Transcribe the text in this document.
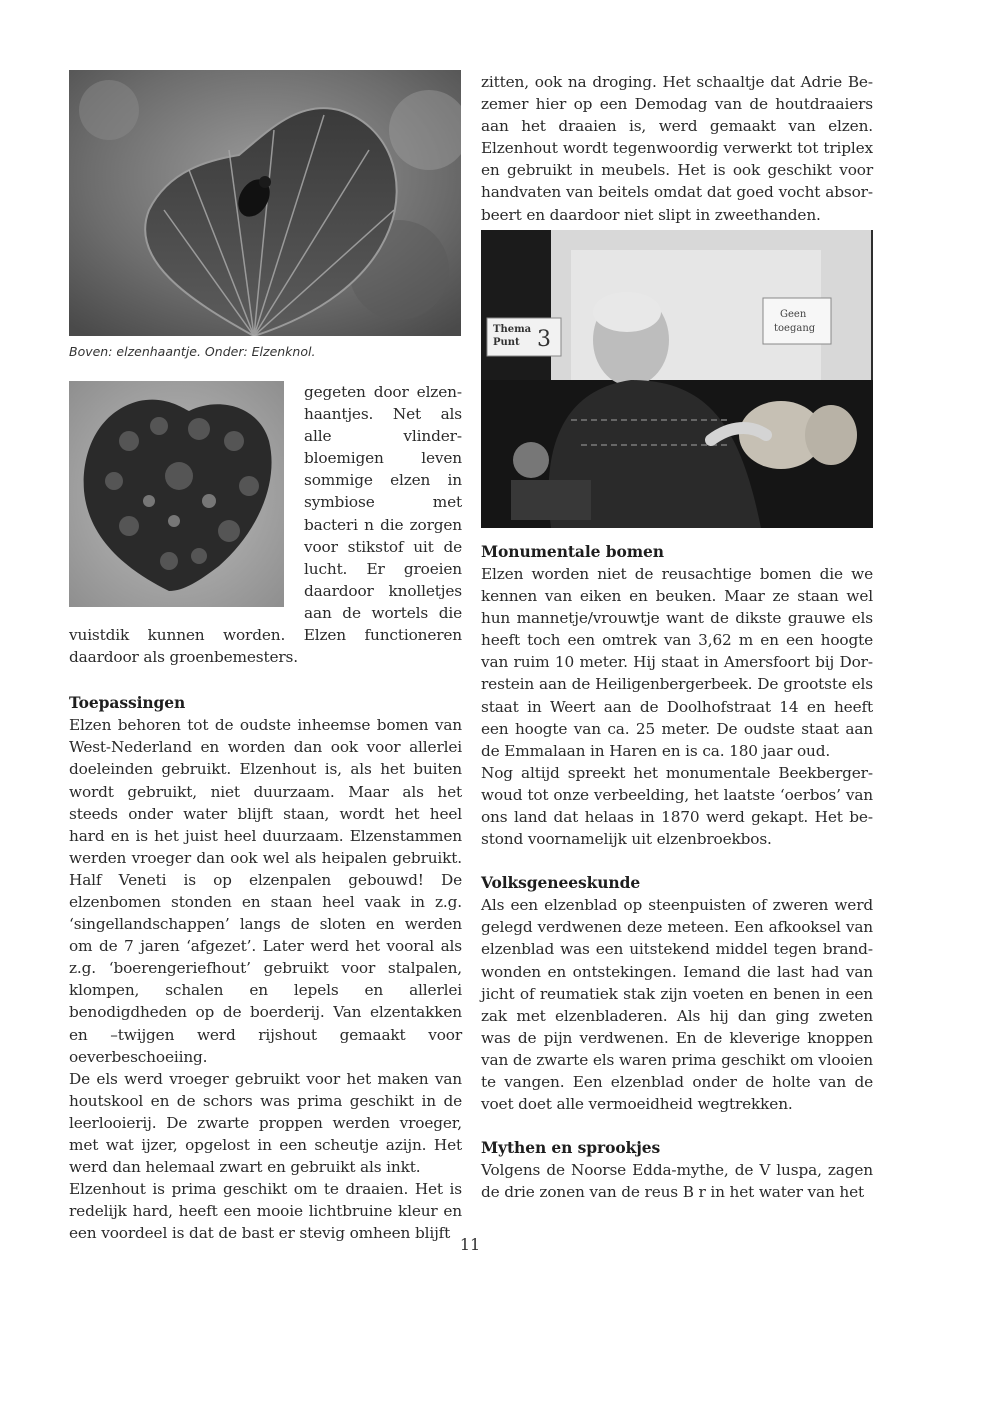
Boven: elzenhaantje. Onder: Elzenknol.
Thema
Punt 3
Geen
toegang

gegeten door elzenhaantjes. Net als alle vlinderbloemigen leven sommige elzen in symbiose met bacteri n die zorgen voor stikstof uit de lucht. Er groeien daardoor knolletjes aan de wortels die vuistdik kunnen worden. Elzen functioneren daardoor als groenbemesters.

Toepassingen

Elzen behoren tot de oudste inheemse bomen van West-Nederland en worden dan ook voor allerlei doeleinden gebruikt. Elzenhout is, als het buiten wordt gebruikt, niet duurzaam. Maar als het steeds onder water blijft staan, wordt het heel hard en is het juist heel duurzaam. Elzenstammen werden vroeger dan ook wel als heipalen gebruikt. Half Veneti is op elzenpalen gebouwd! De elzenbomen stonden en staan heel vaak in z.g. ‘singellandschappen’ langs de sloten en werden om de 7 jaren ‘afgezet’. Later werd het vooral als z.g. ‘boerengeriefhout’ gebruikt voor stalpalen, klompen, schalen en lepels en allerlei benodigdheden op de boerderij. Van elzentakken en –twijgen werd rijshout gemaakt voor oeverbeschoeiing.

De els werd vroeger gebruikt voor het maken van houtskool en de schors was prima geschikt in de leerlooierij. De zwarte proppen werden vroeger, met wat ijzer, opgelost in een scheutje azijn. Het werd dan helemaal zwart en gebruikt als inkt.

Elzenhout is prima geschikt om te draaien. Het is redelijk hard, heeft een mooie lichtbruine kleur en een voordeel is dat de bast er stevig omheen blijft

zitten, ook na droging. Het schaaltje dat Adrie Bezemer hier op een Demodag van de houtdraaiers aan het draaien is, werd gemaakt van elzen. Elzenhout wordt tegenwoordig verwerkt tot triplex en gebruikt in meubels. Het is ook geschikt voor handvaten van beitels omdat dat goed vocht absorbeert en daardoor niet slipt in zweethanden.

Monumentale bomen

Elzen worden niet de reusachtige bomen die we kennen van eiken en beuken. Maar ze staan wel hun mannetje/vrouwtje want de dikste grauwe els heeft toch een omtrek van 3,62 m en een hoogte van ruim 10 meter. Hij staat in Amersfoort bij Dorrestein aan de Heiligenbergerbeek. De grootste els staat in Weert aan de Doolhofstraat 14 en heeft een hoogte van ca. 25 meter. De oudste staat aan de Emmalaan in Haren en is ca. 180 jaar oud.

Nog altijd spreekt het monumentale Beekbergerwoud tot onze verbeelding, het laatste ‘oerbos’ van ons land dat helaas in 1870 werd gekapt. Het bestond voornamelijk uit elzenbroekbos.

Volksgeneeskunde

Als een elzenblad op steenpuisten of zweren werd gelegd verdwenen deze meteen. Een afkooksel van elzenblad was een uitstekend middel tegen brandwonden en ontstekingen. Iemand die last had van jicht of reumatiek stak zijn voeten en benen in een zak met elzenbladeren. Als hij dan ging zweten was de pijn verdwenen. En de kleverige knoppen van de zwarte els waren prima geschikt om vlooien te vangen. Een elzenblad onder de holte van de voet doet alle vermoeidheid wegtrekken.

Mythen en sprookjes

Volgens de Noorse Edda-mythe, de V luspa, zagen de drie zonen van de reus B r in het water van het

11
